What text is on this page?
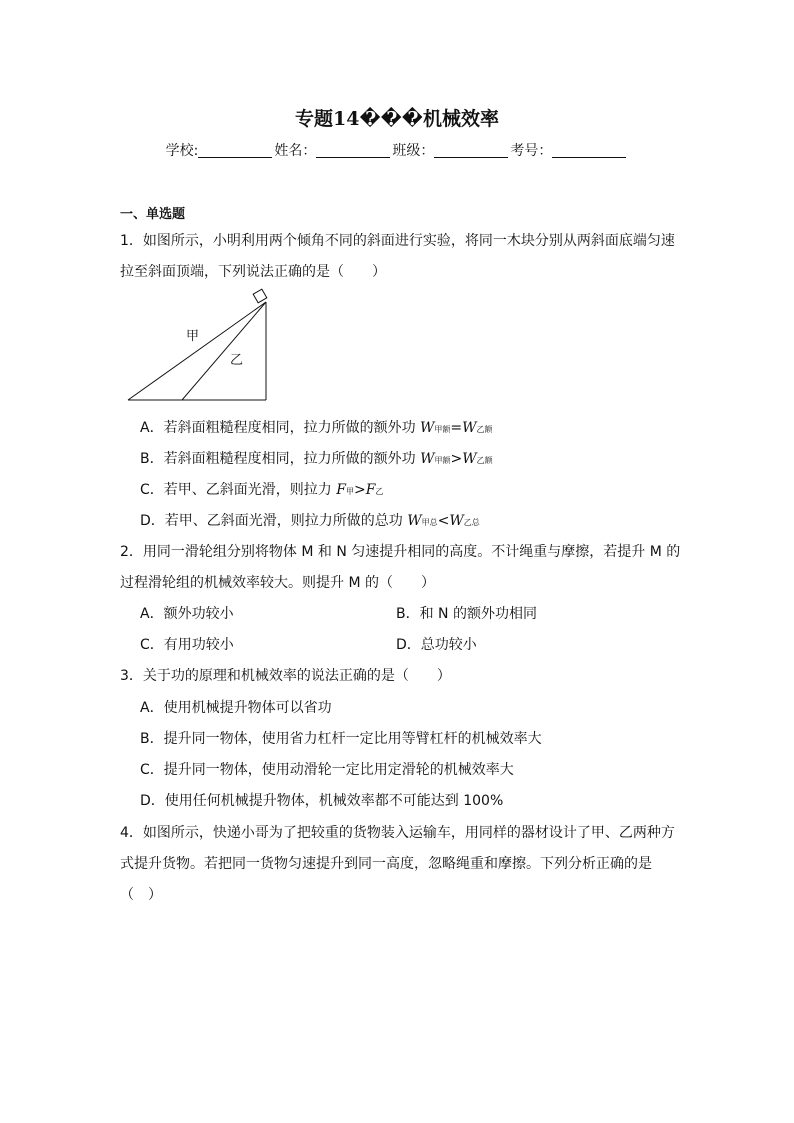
专题14���机械效率
学校:	姓名：	班级：	考号：
一、单选题
1．如图所示，小明利用两个倾角不同的斜面进行实验，将同一木块分别从两斜面底端匀速
拉至斜面顶端，下列说法正确的是（　　）
甲
乙
A．若斜面粗糙程度相同，拉力所做的额外功 W甲额=W乙额
B．若斜面粗糙程度相同，拉力所做的额外功 W甲额>W乙额
C．若甲、乙斜面光滑，则拉力 F甲>F乙
D．若甲、乙斜面光滑，则拉力所做的总功 W甲总<W乙总
2．用同一滑轮组分别将物体 M 和 N 匀速提升相同的高度。不计绳重与摩擦，若提升 M 的
过程滑轮组的机械效率较大。则提升 M 的（　　）
A．额外功较小	B．和 N 的额外功相同
C．有用功较小	D．总功较小
3．关于功的原理和机械效率的说法正确的是（　　）
A．使用机械提升物体可以省功
B．提升同一物体，使用省力杠杆一定比用等臂杠杆的机械效率大
C．提升同一物体，使用动滑轮一定比用定滑轮的机械效率大
D．使用任何机械提升物体，机械效率都不可能达到 100%
4．如图所示，快递小哥为了把较重的货物装入运输车，用同样的器材设计了甲、乙两种方
式提升货物。若把同一货物匀速提升到同一高度，忽略绳重和摩擦。下列分析正确的是
（　）
